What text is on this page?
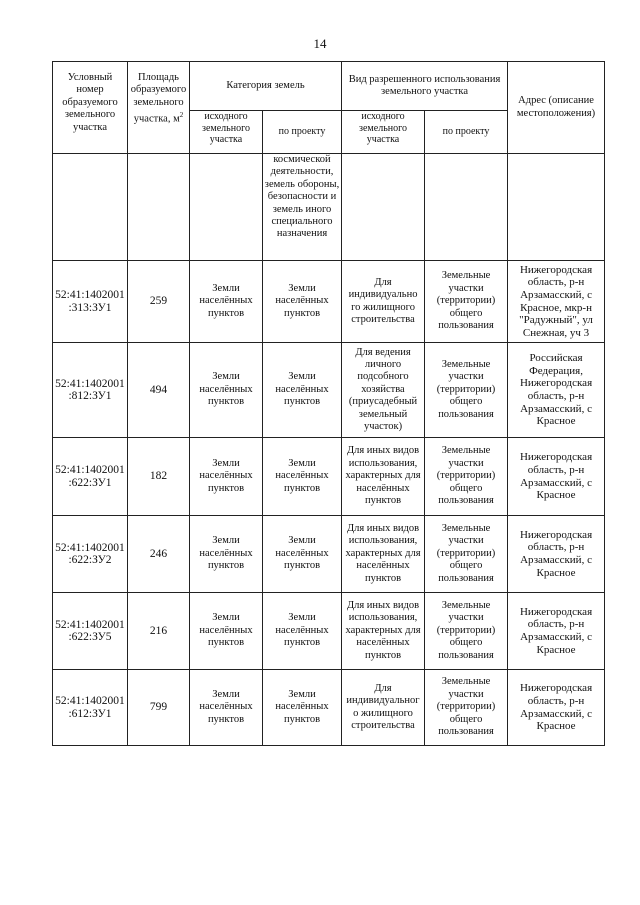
14
Условный номер образуемого земельного участка	Площадь образуемого земельного участка, $м^2$	Категория земель		Вид разрешенного использования земельного участка		Адрес (описание местоположения)
		исходного земельного участка	по проекту	исходного земельного участка	по проекту	
			космической деятельности, земель обороны, безопасности и земель иного специального назначения			
52:41:1402001
:313:ЗУ1	259	Земли населённых пунктов	Земли населённых пунктов	Для индивидуально го жилищного строительства	Земельные участки (территории) общего пользования	Нижегородская область, р-н Арзамасский, с Красное, мкр-н "Радужный", ул Снежная, уч 3
52:41:1402001
:812:ЗУ1	494	Земли населённых пунктов	Земли населённых пунктов	Для ведения личного подсобного хозяйства (приусадебный земельный участок)	Земельные участки (территории) общего пользования	Российская Федерация, Нижегородская область, р-н Арзамасский, с Красное
52:41:1402001
:622:ЗУ1	182	Земли населённых пунктов	Земли населённых пунктов	Для иных видов использования, характерных для населённых пунктов	Земельные участки (территории) общего пользования	Нижегородская область, р-н Арзамасский, с Красное
52:41:1402001
:622:ЗУ2	246	Земли населённых пунктов	Земли населённых пунктов	Для иных видов использования, характерных для населённых пунктов	Земельные участки (территории) общего пользования	Нижегородская область, р-н Арзамасский, с Красное
52:41:1402001
:622:ЗУ5	216	Земли населённых пунктов	Земли населённых пунктов	Для иных видов использования, характерных для населённых пунктов	Земельные участки (территории) общего пользования	Нижегородская область, р-н Арзамасский, с Красное
52:41:1402001
:612:ЗУ1	799	Земли населённых пунктов	Земли населённых пунктов	Для индивидуальног о жилищного строительства	Земельные участки (территории) общего пользования	Нижегородская область, р-н Арзамасский, с Красное
